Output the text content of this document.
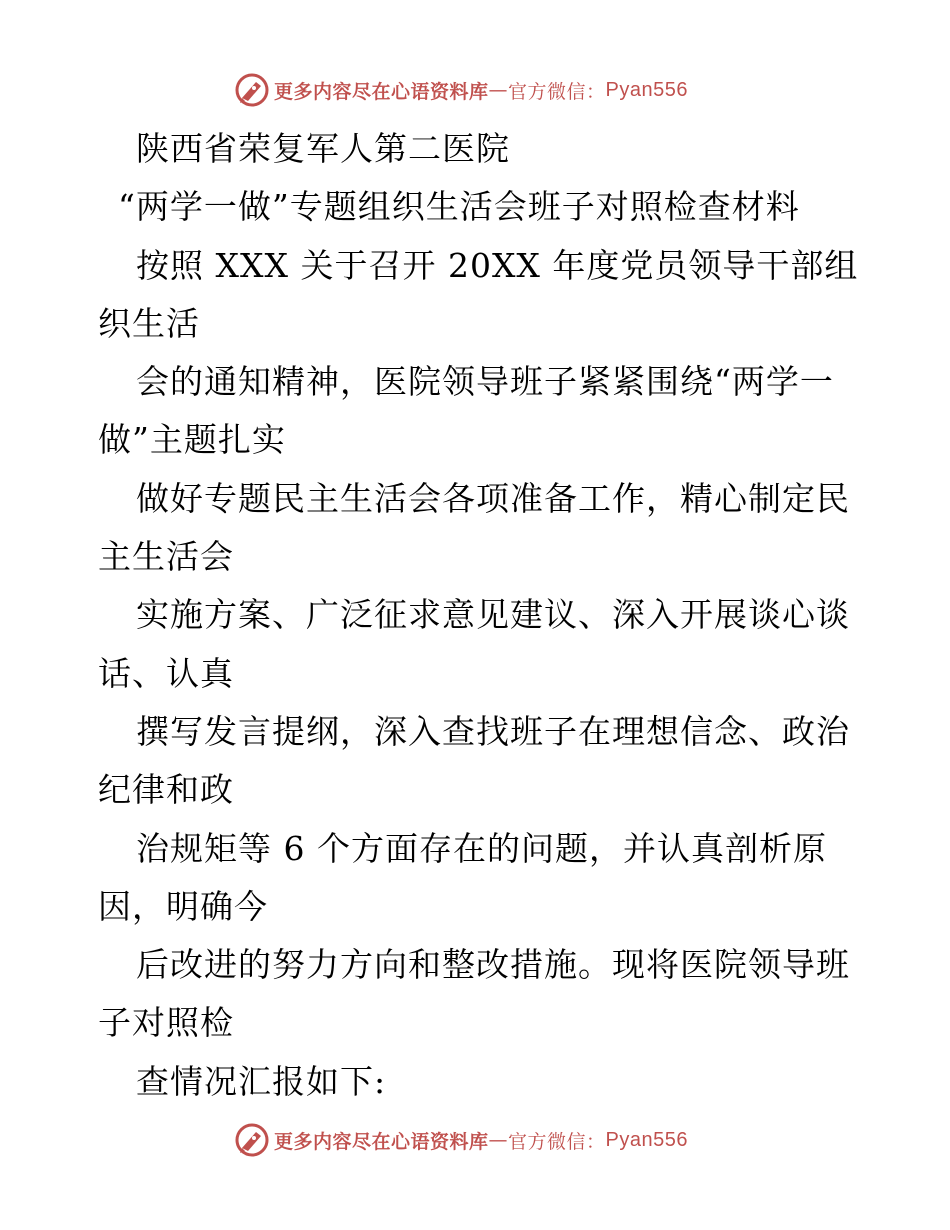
更多内容尽在心语资料库 — 官方微信： Pyan556
陕西省荣复军人第二医院
“两学一做”专题组织生活会班子对照检查材料
按照 XXX 关于召开 20XX 年度党员领导干部组
织生活
会的通知精神，医院领导班子紧紧围绕“两学一
做”主题扎实
做好专题民主生活会各项准备工作，精心制定民
主生活会
实施方案、广泛征求意见建议、深入开展谈心谈
话、认真
撰写发言提纲，深入查找班子在理想信念、政治
纪律和政
治规矩等 6 个方面存在的问题，并认真剖析原
因，明确今
后改进的努力方向和整改措施。现将医院领导班
子对照检
查情况汇报如下:
更多内容尽在心语资料库 — 官方微信： Pyan556
